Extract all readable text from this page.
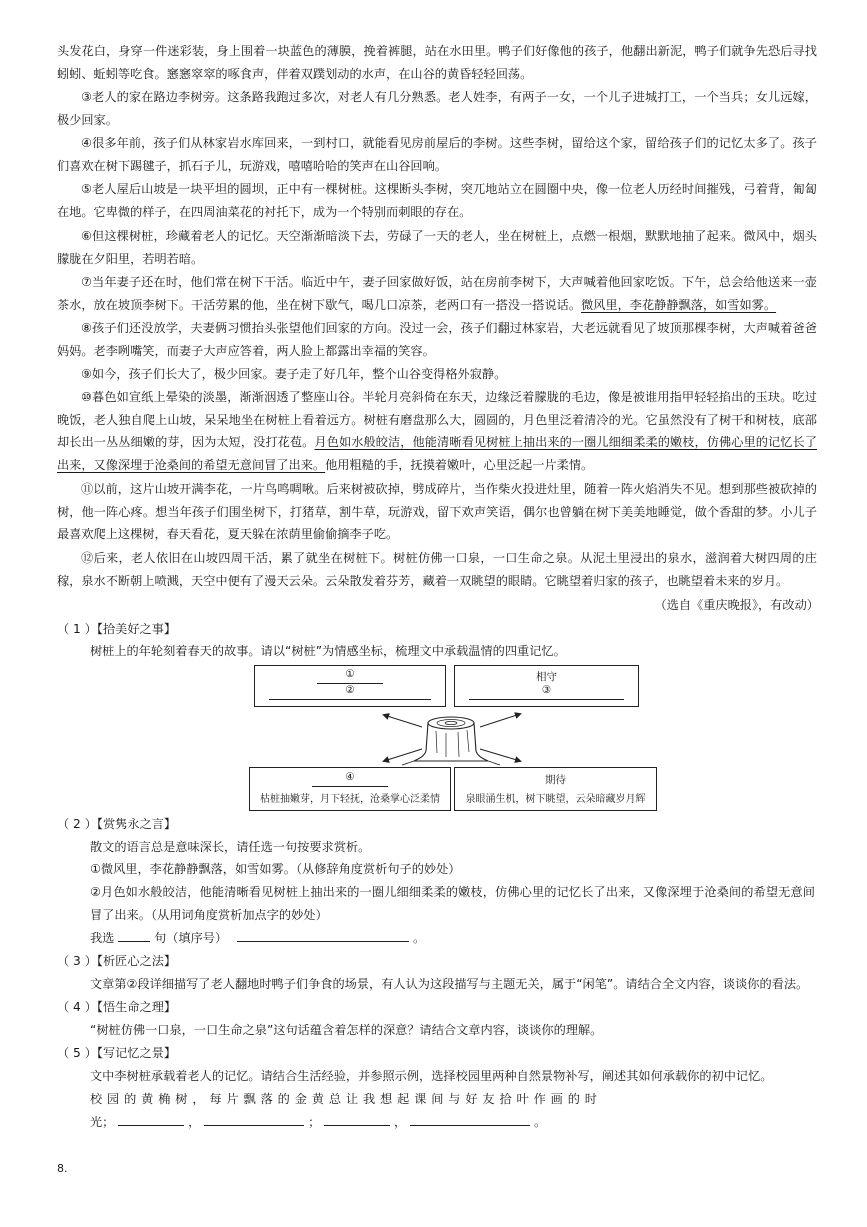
头发花白，身穿一件迷彩装，身上围着一块蓝色的薄膜，挽着裤腿，站在水田里。鸭子们好像他的孩子，他翻出新泥，鸭子们就争先恐后寻找蚓蚓、蚯蚓等吃食。窸窸窣窣的啄食声，伴着双蹼划动的水声，在山谷的黄昏轻轻回荡。

③老人的家在路边李树旁。这条路我跑过多次，对老人有几分熟悉。老人姓李，有两子一女，一个儿子进城打工，一个当兵；女儿远嫁，极少回家。

④很多年前，孩子们从林家岩水库回来，一到村口，就能看见房前屋后的李树。这些李树，留给这个家，留给孩子们的记忆太多了。孩子们喜欢在树下踢毽子，抓石子儿，玩游戏，嘻嘻哈哈的笑声在山谷回响。

⑤老人屋后山坡是一块平坦的圆坝，正中有一棵树桩。这棵断头李树，突兀地站立在圆圈中央，像一位老人历经时间摧残，弓着背，匍匐在地。它卑微的样子，在四周油菜花的衬托下，成为一个特别而刺眼的存在。

⑥但这棵树桩，珍藏着老人的记忆。天空渐渐暗淡下去，劳碌了一天的老人，坐在树桩上，点燃一根烟，默默地抽了起来。微风中，烟头朦胧在夕阳里，若明若暗。

⑦当年妻子还在时，他们常在树下干活。临近中午，妻子回家做好饭，站在房前李树下，大声喊着他回家吃饭。下午，总会给他送来一壶茶水，放在坡顶李树下。干活劳累的他，坐在树下歇气，喝几口凉茶，老两口有一搭没一搭说话。微风里，李花静静飘落，如雪如雾。

⑧孩子们还没放学，夫妻俩习惯抬头张望他们回家的方向。没过一会，孩子们翻过林家岩，大老远就看见了坡顶那棵李树，大声喊着爸爸妈妈。老李咧嘴笑，而妻子大声应答着，两人脸上都露出幸福的笑容。

⑨如今，孩子们长大了，极少回家。妻子走了好几年，整个山谷变得格外寂静。

⑩暮色如宣纸上晕染的淡墨，渐渐洇透了整座山谷。半轮月亮斜倚在东天，边缘泛着朦胧的毛边，像是被谁用指甲轻轻掐出的玉玦。吃过晚饭，老人独自爬上山坡，呆呆地坐在树桩上看着远方。树桩有磨盘那么大，圆圆的，月色里泛着清冷的光。它虽然没有了树干和树枝，底部却长出一丛丛细嫩的芽，因为太短，没打花苞。月色如水般皎洁，他能清晰看见树桩上抽出来的一圈儿细细柔柔的嫩枝，仿佛心里的记忆长了出来，又像深埋于沧桑间的希望无意间冒了出来。他用粗糙的手，抚摸着嫩叶，心里泛起一片柔情。

⑪以前，这片山坡开满李花，一片鸟鸣啁啾。后来树被砍掉，劈成碎片，当作柴火投进灶里，随着一阵火焰消失不见。想到那些被砍掉的树，他一阵心疼。想当年孩子们围坐树下，打猪草，割牛草，玩游戏，留下欢声笑语，偶尔也曾躺在树下美美地睡觉，做个香甜的梦。小儿子最喜欢爬上这棵树，春天看花，夏天躲在浓荫里偷偷摘李子吃。

⑫后来，老人依旧在山坡四周干活，累了就坐在树桩下。树桩仿佛一口泉，一口生命之泉。从泥土里浸出的泉水，滋润着大树四周的庄稼，泉水不断朝上喷溅，天空中便有了漫天云朵。云朵散发着芬芳，藏着一双眺望的眼睛。它眺望着归家的孩子，也眺望着未来的岁月。

（选自《重庆晚报》，有改动）
（ 1 ）【拾美好之事】
树桩上的年轮刻着春天的故事。请以“树桩”为情感坐标，梳理文中承载温情的四重记忆。
①
②
相守
③
④
枯桩抽嫩芽，月下轻抚，沧桑掌心泛柔情
期待
泉眼涌生机，树下眺望，云朵暗藏岁月辉
（ 2 ）【赏隽永之言】
散文的语言总是意味深长，请任选一句按要求赏析。
①微风里，李花静静飘落，如雪如雾。（从修辞角度赏析句子的妙处）
②月色如水般皎洁，他能清晰看见树桩上抽出来的一圈儿细细柔柔的嫩枝，仿佛心里的记忆长了出来，又像深埋于沧桑间的希望无意间冒了出来。（从用词角度赏析加点字的妙处）
我选	句（填序号）	。
（ 3 ）【析匠心之法】
文章第②段详细描写了老人翻地时鸭子们争食的场景，有人认为这段描写与主题无关，属于“闲笔”。请结合全文内容，谈谈你的看法。
（ 4 ）【悟生命之理】
“树桩仿佛一口泉，一口生命之泉”这句话蕴含着怎样的深意？请结合文章内容，谈谈你的理解。
（ 5 ）【写记忆之景】
文中李树桩承载着老人的记忆。请结合生活经验，并参照示例，选择校园里两种自然景物补写，阐述其如何承载你的初中记忆。
校 园 的 黄 桷 树 ， 每 片 飘 落 的 金 黄 总 让 我 想 起 课 间 与 好 友 拾 叶 作 画 的 时
光；	，	；	，	。
8.
